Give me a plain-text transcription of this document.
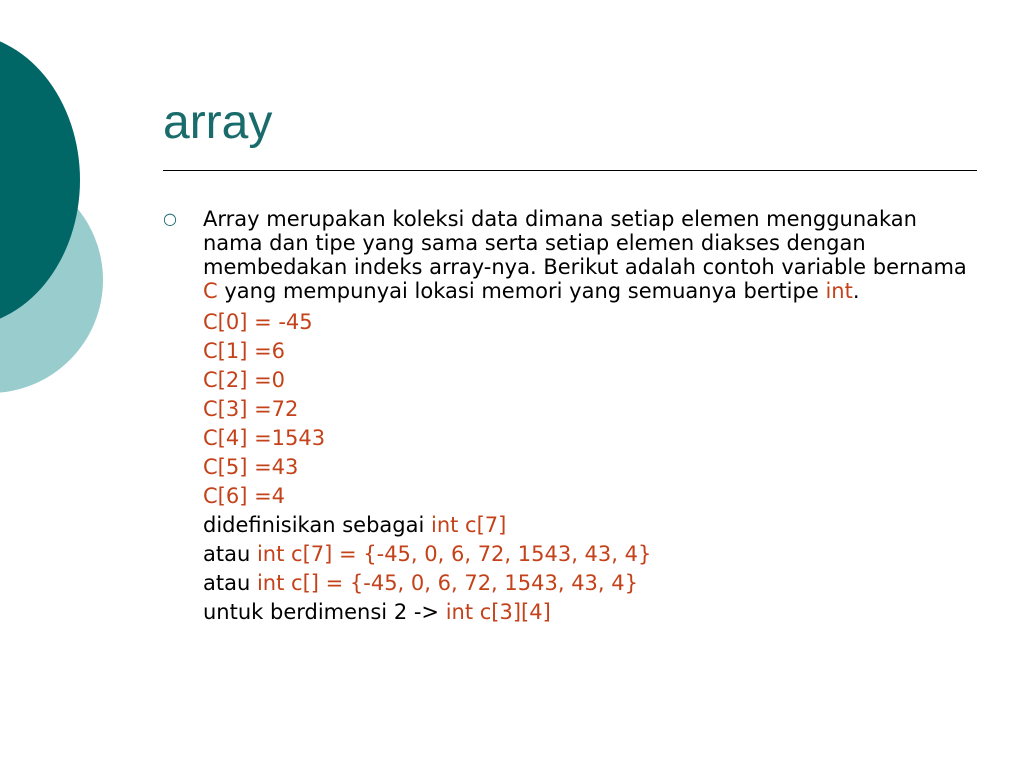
array
○ Array merupakan koleksi data dimana setiap elemen menggunakan nama dan tipe yang sama serta setiap elemen diakses dengan membedakan indeks array-nya. Berikut adalah contoh variable bernama C yang mempunyai lokasi memori yang semuanya bertipe int.

C[0] = -45

C[1] =6

C[2] =0

C[3] =72

C[4] =1543

C[5] =43

C[6] =4

didefinisikan sebagai int c[7]

atau int c[7] = {-45, 0, 6, 72, 1543, 43, 4}

atau int c[] = {-45, 0, 6, 72, 1543, 43, 4}

untuk berdimensi 2 -> int c[3][4]
